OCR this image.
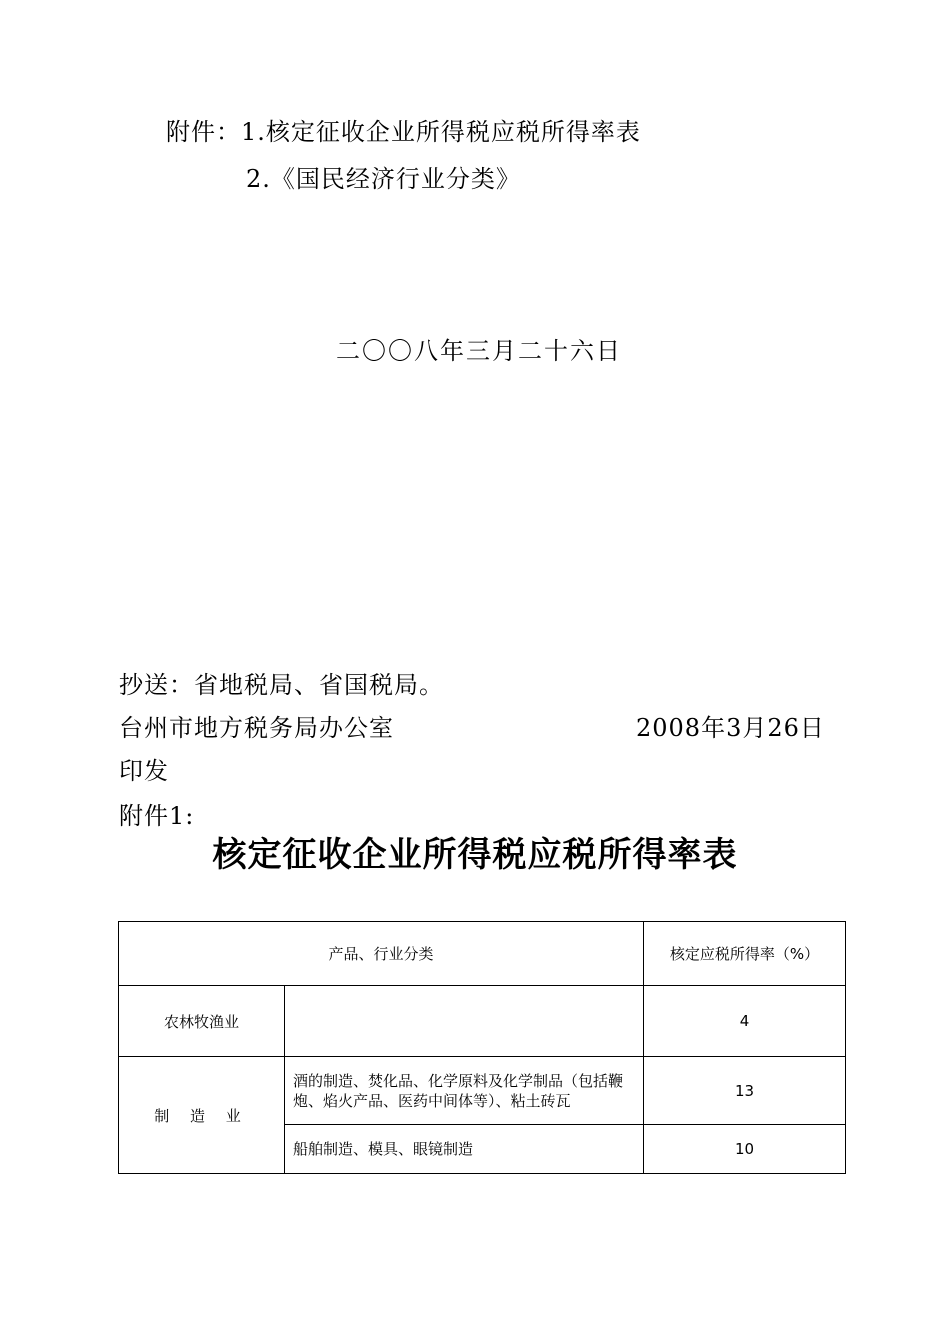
附件：1.核定征收企业所得税应税所得率表
2.《国民经济行业分类》
二〇〇八年三月二十六日
抄送：省地税局、省国税局。
台州市地方税务局办公室	2008年3月26日
印发
附件1:
核定征收企业所得税应税所得率表
产品、行业分类		核定应税所得率（%）
农林牧渔业		4
制 造 业	酒的制造、焚化品、化学原料及化学制品（包括鞭炮、焰火产品、医药中间体等）、粘土砖瓦	13
	船舶制造、模具、眼镜制造	10
